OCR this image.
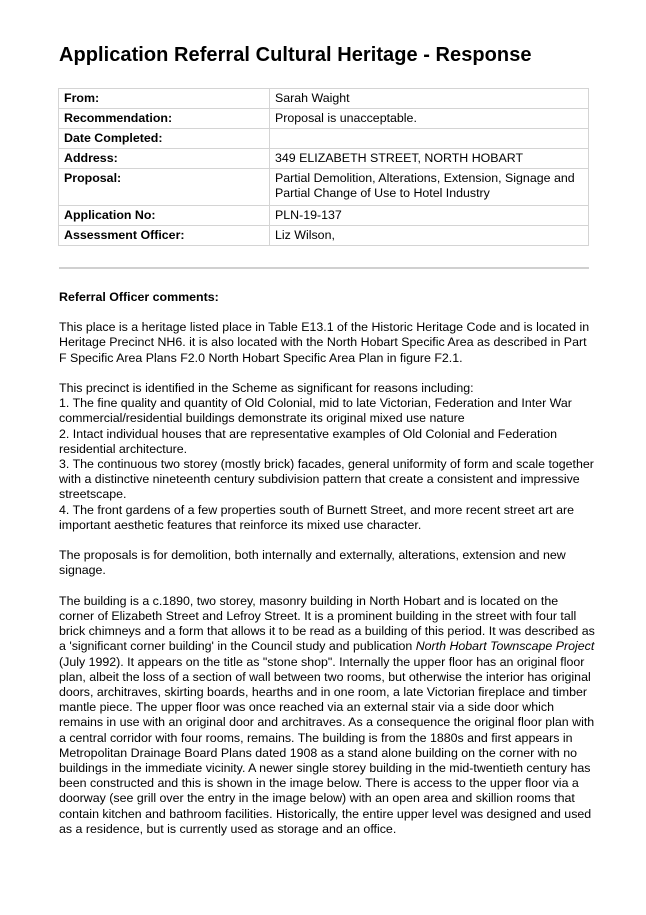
Application Referral Cultural Heritage - Response
From:	Sarah Waight
Recommendation:	Proposal is unacceptable.
Date Completed:	
Address:	349 ELIZABETH STREET, NORTH HOBART
Proposal:	Partial Demolition, Alterations, Extension, Signage and Partial Change of Use to Hotel Industry
Application No:	PLN-19-137
Assessment Officer:	Liz Wilson,
Referral Officer comments:

This place is a heritage listed place in Table E13.1 of the Historic Heritage Code and is located in Heritage Precinct NH6. it is also located with the North Hobart Specific Area as described in Part F Specific Area Plans F2.0 North Hobart Specific Area Plan in figure F2.1.

This precinct is identified in the Scheme as significant for reasons including:
1 . The fine quality and quantity of Old Colonial, mid to late Victorian, Federation and Inter War commercial/residential buildings demonstrate its original mixed use nature
2 . Intact individual houses that are representative examples of Old Colonial and Federation residential architecture.
3 . The continuous two storey (mostly brick) facades, general uniformity of form and scale together with a distinctive nineteenth century subdivision pattern that create a consistent and impressive streetscape.
4 . The front gardens of a few properties south of Burnett Street, and more recent street art are important aesthetic features that reinforce its mixed use character.

The proposals is for demolition, both internally and externally, alterations, extension and new signage.

The building is a c.1890, two storey, masonry building in North Hobart and is located on the corner of Elizabeth Street and Lefroy Street. It is a prominent building in the street with four tall brick chimneys and a form that allows it to be read as a building of this period. It was described as a 'significant corner building' in the Council study and publication North Hobart Townscape Project (July 1992). It appears on the title as "stone shop". Internally the upper floor has an original floor plan, albeit the loss of a section of wall between two rooms, but otherwise the interior has original doors, architraves, skirting boards, hearths and in one room, a late Victorian fireplace and timber mantle piece. The upper floor was once reached via an external stair via a side door which remains in use with an original door and architraves. As a consequence the original floor plan with a central corridor with four rooms, remains. The building is from the 1880s and first appears in Metropolitan Drainage Board Plans dated 1908 as a stand alone building on the corner with no buildings in the immediate vicinity. A newer single storey building in the mid-twentieth century has been constructed and this is shown in the image below. There is access to the upper floor via a doorway (see grill over the entry in the image below) with an open area and skillion rooms that contain kitchen and bathroom facilities. Historically, the entire upper level was designed and used as a residence, but is currently used as storage and an office.
